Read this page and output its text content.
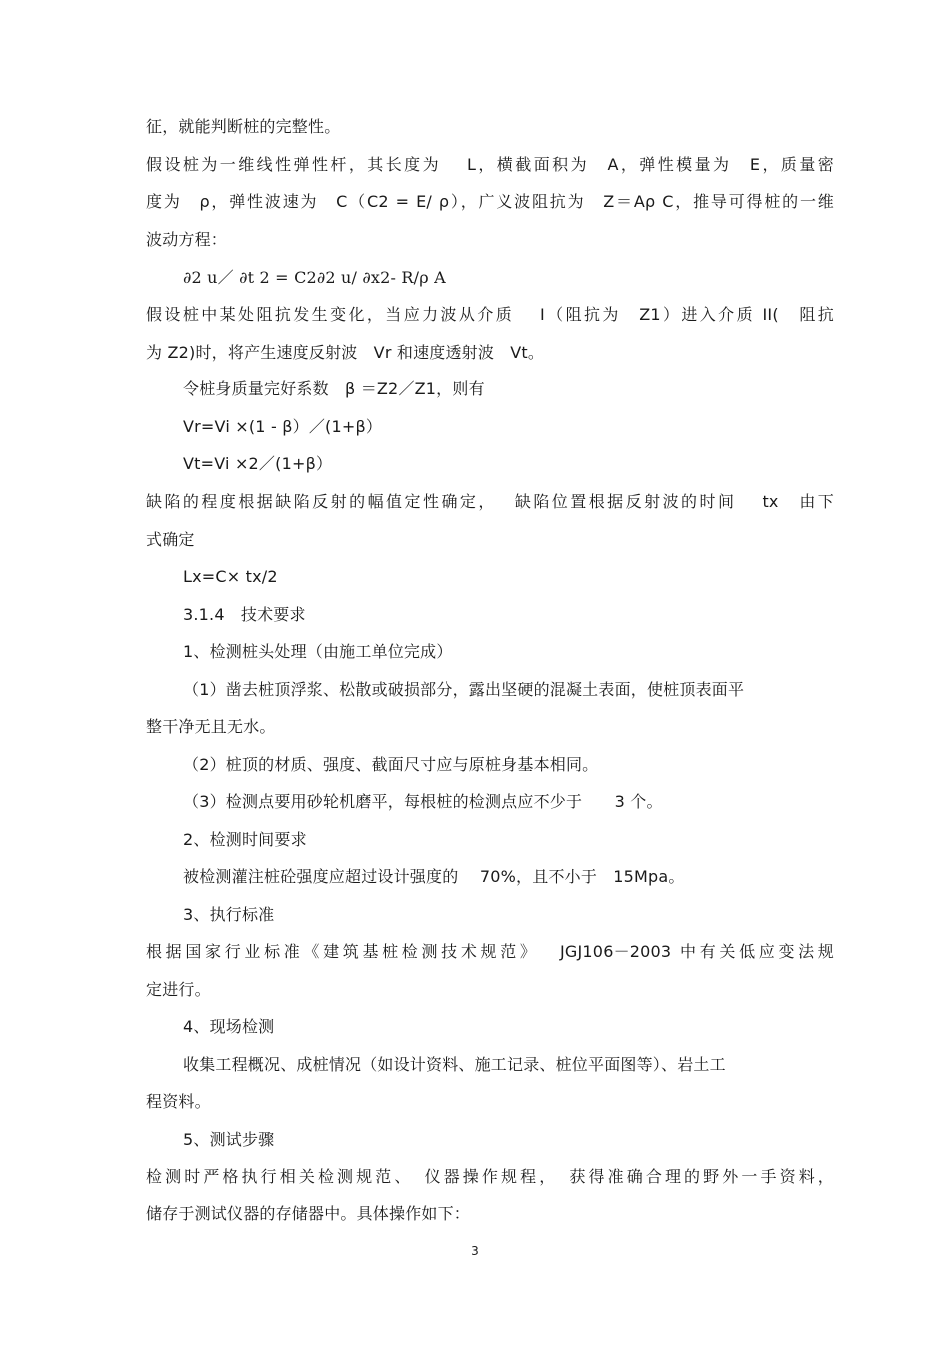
征，就能判断桩的完整性。
假设桩为一维线性弹性杆，其长度为　 L，横截面积为　A，弹性模量为　E，质量密
度为　ρ，弹性波速为　C（C2 = E/ ρ），广义波阻抗为　Z＝Aρ C，推导可得桩的一维
波动方程：
∂2 u／ ∂t 2 = C2∂2 u/ ∂x2- R/ρ A
假设桩中某处阻抗发生变化，当应力波从介质　 I（阻抗为　Z1）进入介质 II(　阻抗
为 Z2)时，将产生速度反射波　Vr 和速度透射波　Vt。
令桩身质量完好系数　β ＝Z2／Z1，则有
Vr=Vi ×(1 - β）／(1+β）
Vt=Vi ×2／(1+β）
缺陷的程度根据缺陷反射的幅值定性确定，　 缺陷位置根据反射波的时间　 tx　由下
式确定
Lx=C× tx/2
3.1.4　技术要求
1、检测桩头处理（由施工单位完成）
（1）凿去桩顶浮浆、松散或破损部分，露出坚硬的混凝土表面，使桩顶表面平
整干净无且无水。
（2）桩顶的材质、强度、截面尺寸应与原桩身基本相同。
（3）检测点要用砂轮机磨平，每根桩的检测点应不少于　　3 个。
2、检测时间要求
被检测灌注桩砼强度应超过设计强度的　 70%，且不小于　15Mpa。
3、执行标准
根据国家行业标准《建筑基桩检测技术规范》　 JGJ106－2003 中有关低应变法规
定进行。
4、现场检测
收集工程概况、成桩情况（如设计资料、施工记录、桩位平面图等）、岩土工
程资料。
5、测试步骤
检测时严格执行相关检测规范、　仪器操作规程，　获得准确合理的野外一手资料，
储存于测试仪器的存储器中。具体操作如下：
3
